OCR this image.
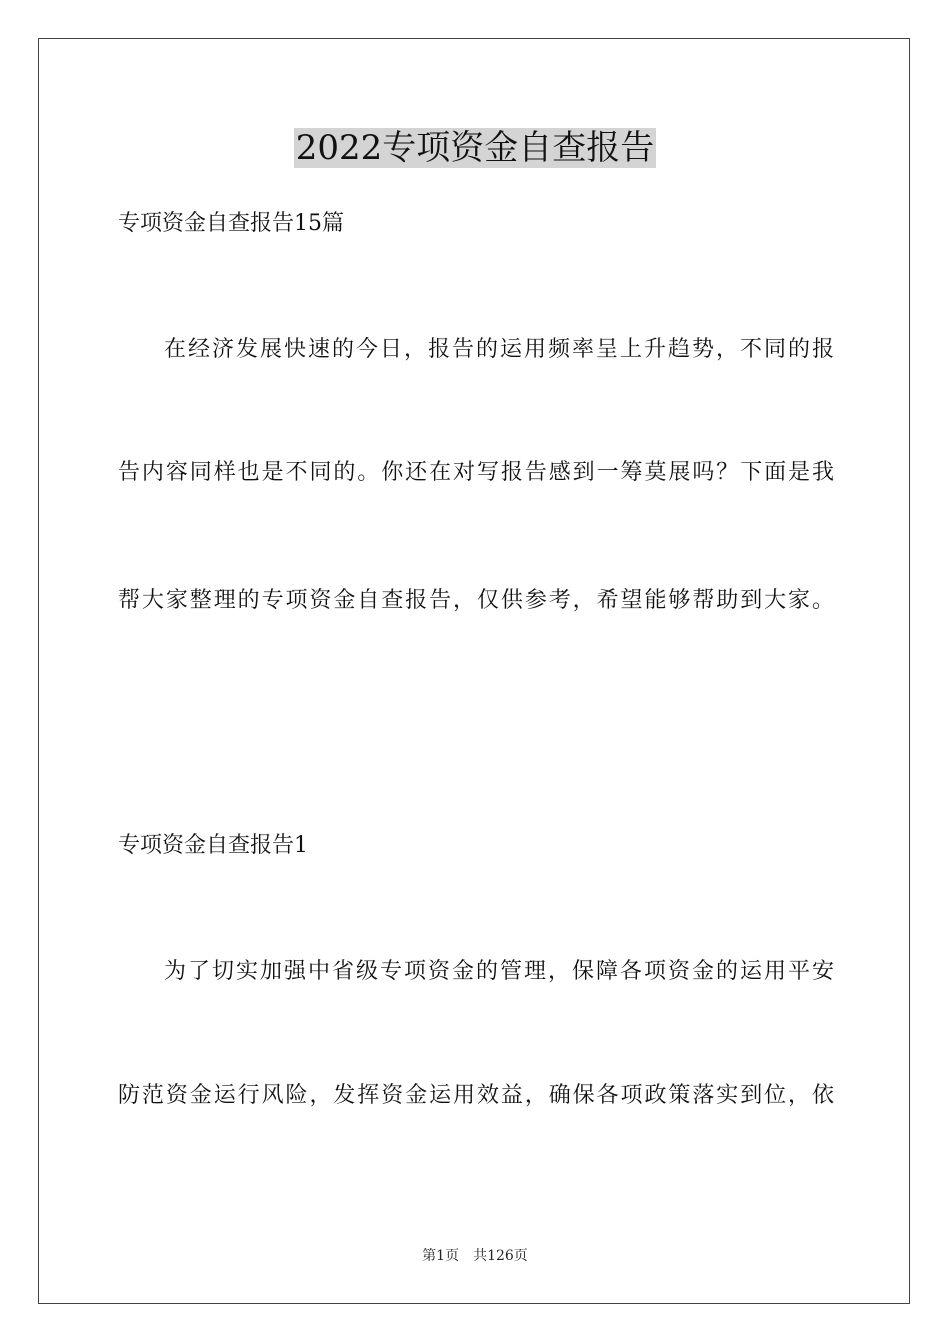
2022专项资金自查报告
专项资金自查报告15篇
在经济发展快速的今日，报告的运用频率呈上升趋势，不同的报
告内容同样也是不同的。你还在对写报告感到一筹莫展吗？下面是我
帮大家整理的专项资金自查报告，仅供参考，希望能够帮助到大家。
专项资金自查报告1
为了切实加强中省级专项资金的管理，保障各项资金的运用平安
防范资金运行风险，发挥资金运用效益，确保各项政策落实到位，依
第1页　共126页
